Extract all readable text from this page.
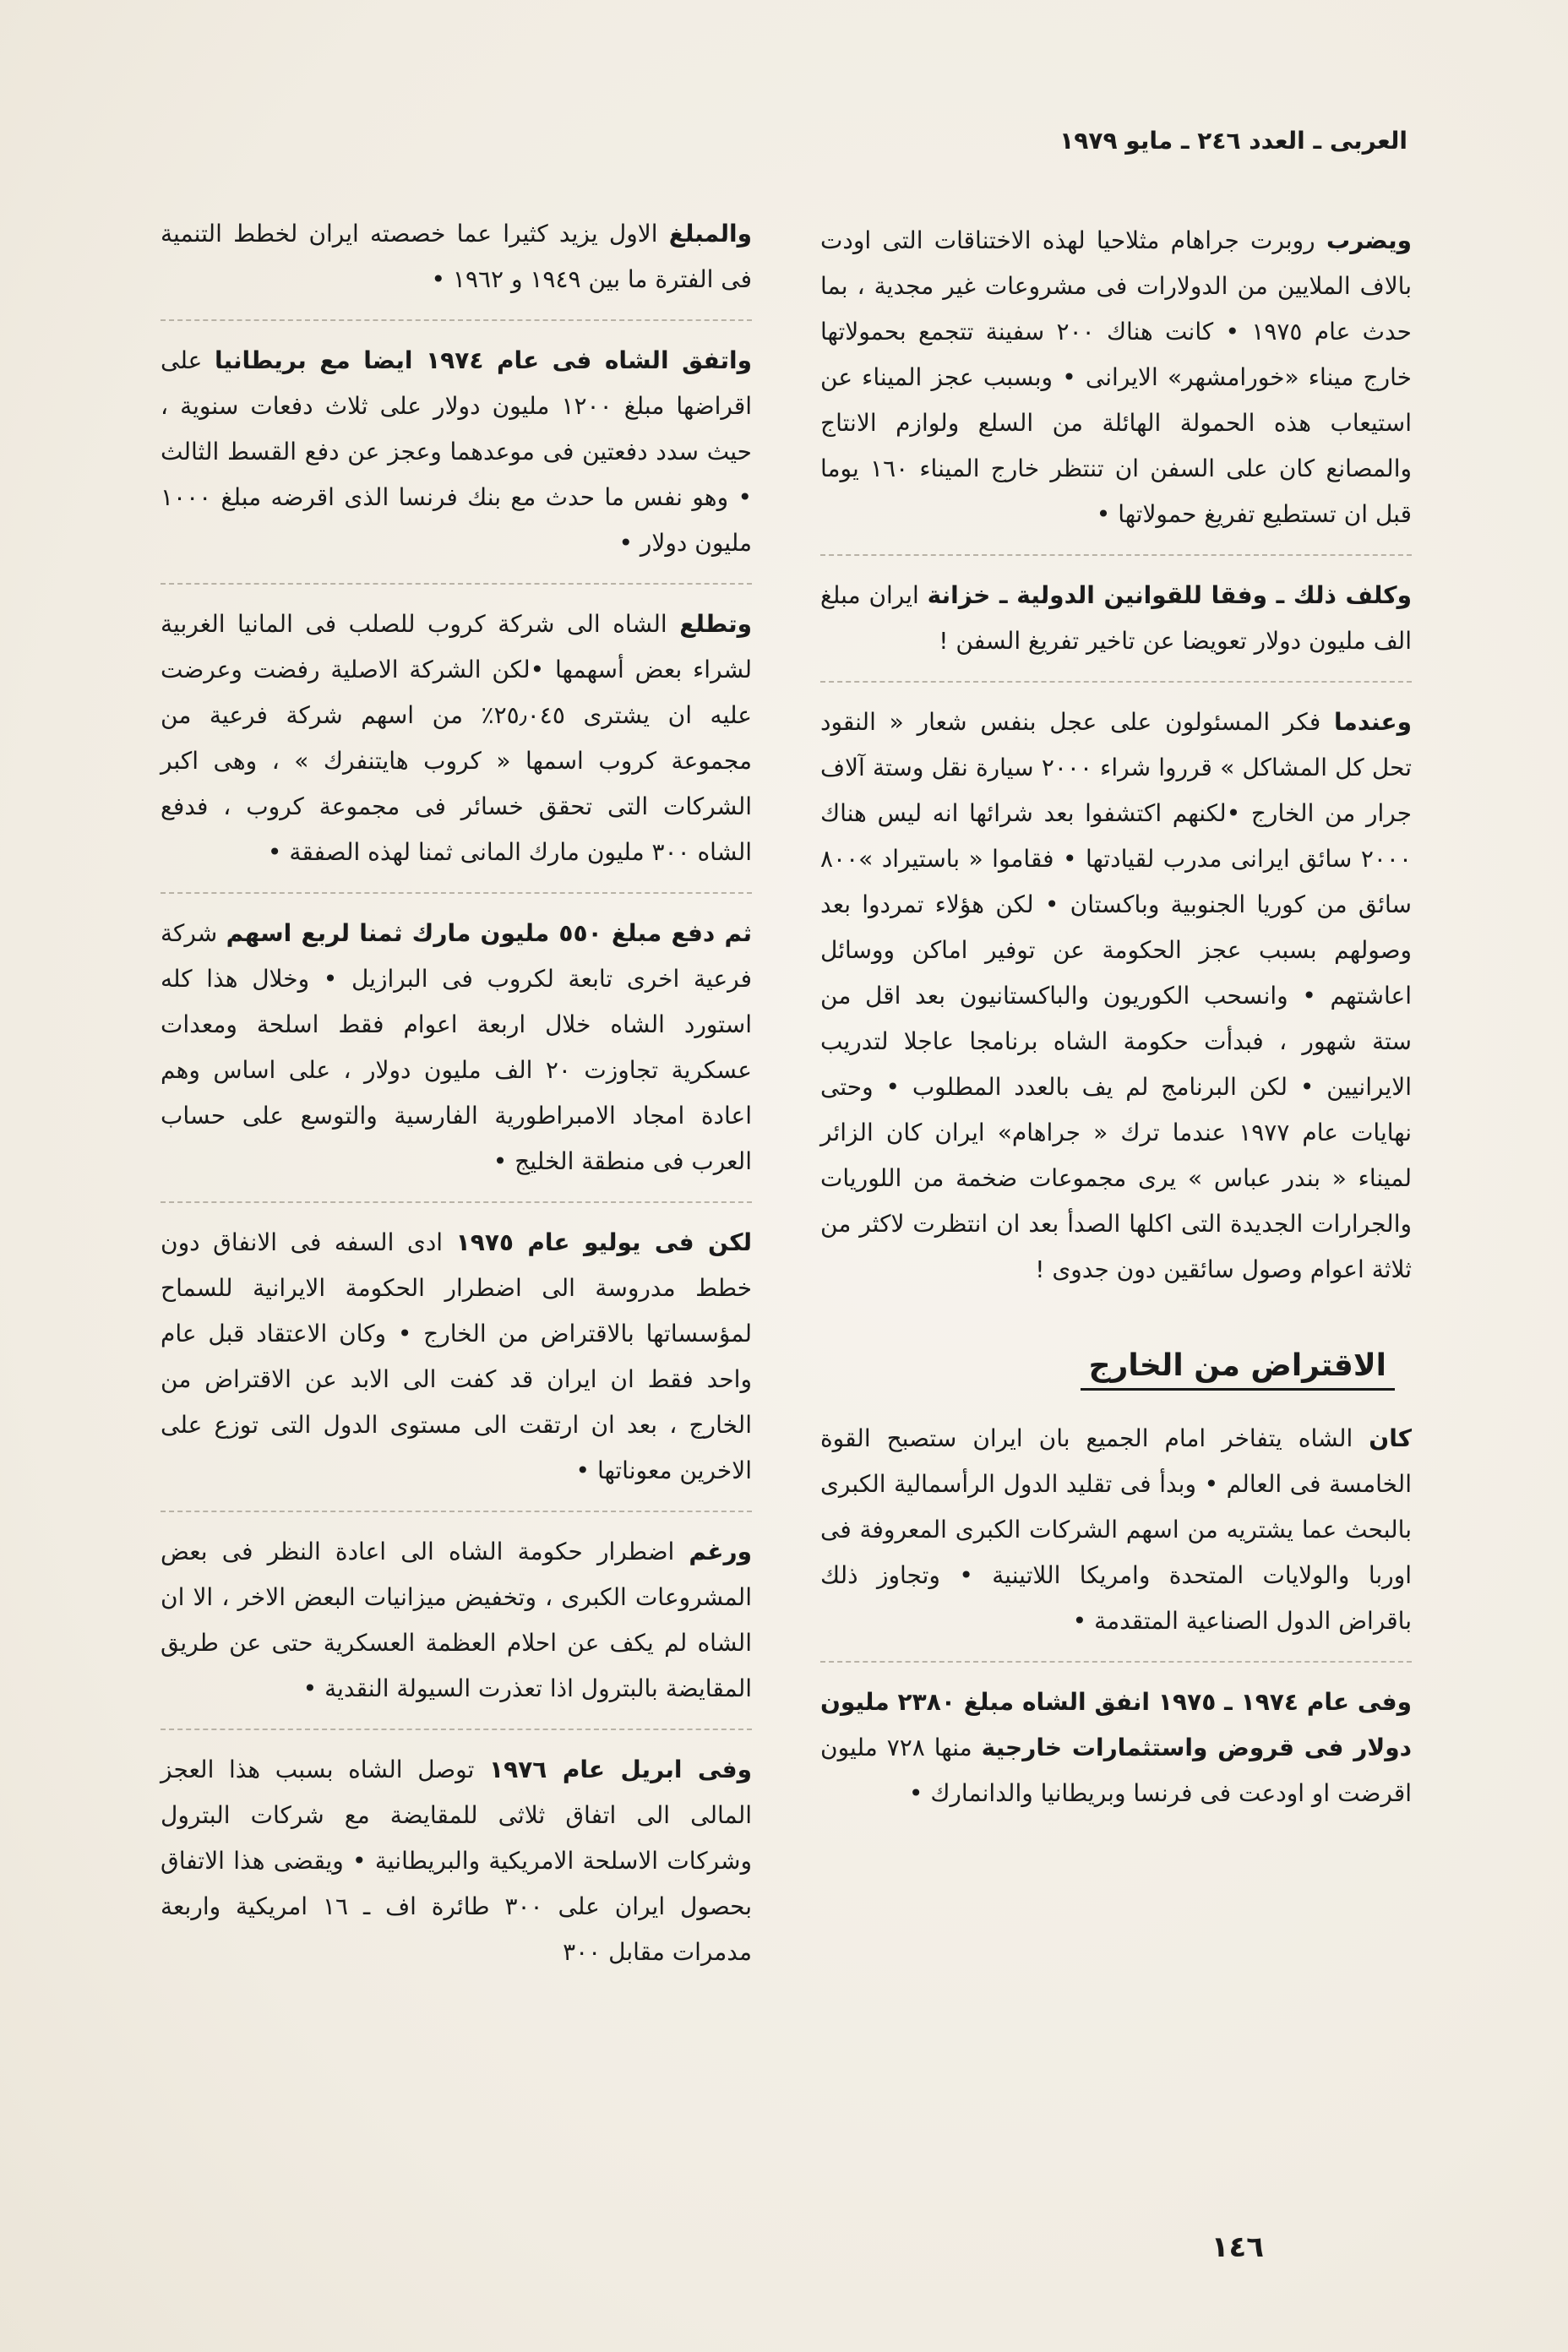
العربى ـ العدد ٢٤٦ ـ مايو ١٩٧٩

ويضرب روبرت جراهام مثلاحيا لهذه الاختناقات التى اودت بالاف الملايين من الدولارات فى مشروعات غير مجدية ، بما حدث عام ١٩٧٥ • كانت هناك ٢٠٠ سفينة تتجمع بحمولاتها خارج ميناء «خورامشهر» الايرانى • وبسبب عجز الميناء عن استيعاب هذه الحمولة الهائلة من السلع ولوازم الانتاج والمصانع كان على السفن ان تنتظر خارج الميناء ١٦٠ يوما قبل ان تستطيع تفريغ حمولاتها •

وكلف ذلك ـ وفقا للقوانين الدولية ـ خزانة ايران مبلغ الف مليون دولار تعويضا عن تاخير تفريغ السفن !

وعندما فكر المسئولون على عجل بنفس شعار « النقود تحل كل المشاكل » قرروا شراء ٢٠٠٠ سيارة نقل وستة آلاف جرار من الخارج •لكنهم اكتشفوا بعد شرائها انه ليس هناك ٢٠٠٠ سائق ايرانى مدرب لقيادتها • فقاموا « باستيراد »٨٠٠ سائق من كوريا الجنوبية وباكستان • لكن هؤلاء تمردوا بعد وصولهم بسبب عجز الحكومة عن توفير اماكن ووسائل اعاشتهم • وانسحب الكوريون والباكستانيون بعد اقل من ستة شهور ، فبدأت حكومة الشاه برنامجا عاجلا لتدريب الايرانيين • لكن البرنامج لم يف بالعدد المطلوب • وحتى نهايات عام ١٩٧٧ عندما ترك « جراهام» ايران كان الزائر لميناء « بندر عباس » يرى مجموعات ضخمة من اللوريات والجرارات الجديدة التى اكلها الصدأ بعد ان انتظرت لاكثر من ثلاثة اعوام وصول سائقين دون جدوى !

الاقتراض من الخارج

كان الشاه يتفاخر امام الجميع بان ايران ستصبح القوة الخامسة فى العالم • وبدأ فى تقليد الدول الرأسمالية الكبرى بالبحث عما يشتريه من اسهم الشركات الكبرى المعروفة فى اوربا والولايات المتحدة وامريكا اللاتينية • وتجاوز ذلك باقراض الدول الصناعية المتقدمة •

وفى عام ١٩٧٤ ـ ١٩٧٥ انفق الشاه مبلغ ٢٣٨٠ مليون دولار فى قروض واستثمارات خارجية منها ٧٢٨ مليون اقرضت او اودعت فى فرنسا وبريطانيا والدانمارك •

والمبلغ الاول يزيد كثيرا عما خصصته ايران لخطط التنمية فى الفترة ما بين ١٩٤٩ و ١٩٦٢ •

واتفق الشاه فى عام ١٩٧٤ ايضا مع بريطانيا على اقراضها مبلغ ١٢٠٠ مليون دولار على ثلاث دفعات سنوية ، حيث سدد دفعتين فى موعدهما وعجز عن دفع القسط الثالث • وهو نفس ما حدث مع بنك فرنسا الذى اقرضه مبلغ ١٠٠٠ مليون دولار •

وتطلع الشاه الى شركة كروب للصلب فى المانيا الغربية لشراء بعض أسهمها •لكن الشركة الاصلية رفضت وعرضت عليه ان يشترى ٢٥٫٠٤٥٪ من اسهم شركة فرعية من مجموعة كروب اسمها « كروب هايتنفرك » ، وهى اكبر الشركات التى تحقق خسائر فى مجموعة كروب ، فدفع الشاه ٣٠٠ مليون مارك المانى ثمنا لهذه الصفقة •

ثم دفع مبلغ ٥٥٠ مليون مارك ثمنا لربع اسهم شركة فرعية اخرى تابعة لكروب فى البرازيل • وخلال هذا كله استورد الشاه خلال اربعة اعوام فقط اسلحة ومعدات عسكرية تجاوزت ٢٠ الف مليون دولار ، على اساس وهم اعادة امجاد الامبراطورية الفارسية والتوسع على حساب العرب فى منطقة الخليج •

لكن فى يوليو عام ١٩٧٥ ادى السفه فى الانفاق دون خطط مدروسة الى اضطرار الحكومة الايرانية للسماح لمؤسساتها بالاقتراض من الخارج • وكان الاعتقاد قبل عام واحد فقط ان ايران قد كفت الى الابد عن الاقتراض من الخارج ، بعد ان ارتقت الى مستوى الدول التى توزع على الاخرين معوناتها •

ورغم اضطرار حكومة الشاه الى اعادة النظر فى بعض المشروعات الكبرى ، وتخفيض ميزانيات البعض الاخر ، الا ان الشاه لم يكف عن احلام العظمة العسكرية حتى عن طريق المقايضة بالبترول اذا تعذرت السيولة النقدية •

وفى ابريل عام ١٩٧٦ توصل الشاه بسبب هذا العجز المالى الى اتفاق ثلاثى للمقايضة مع شركات البترول وشركات الاسلحة الامريكية والبريطانية • ويقضى هذا الاتفاق بحصول ايران على ٣٠٠ طائرة اف ـ ١٦ امريكية واربعة مدمرات مقابل ٣٠٠

١٤٦
